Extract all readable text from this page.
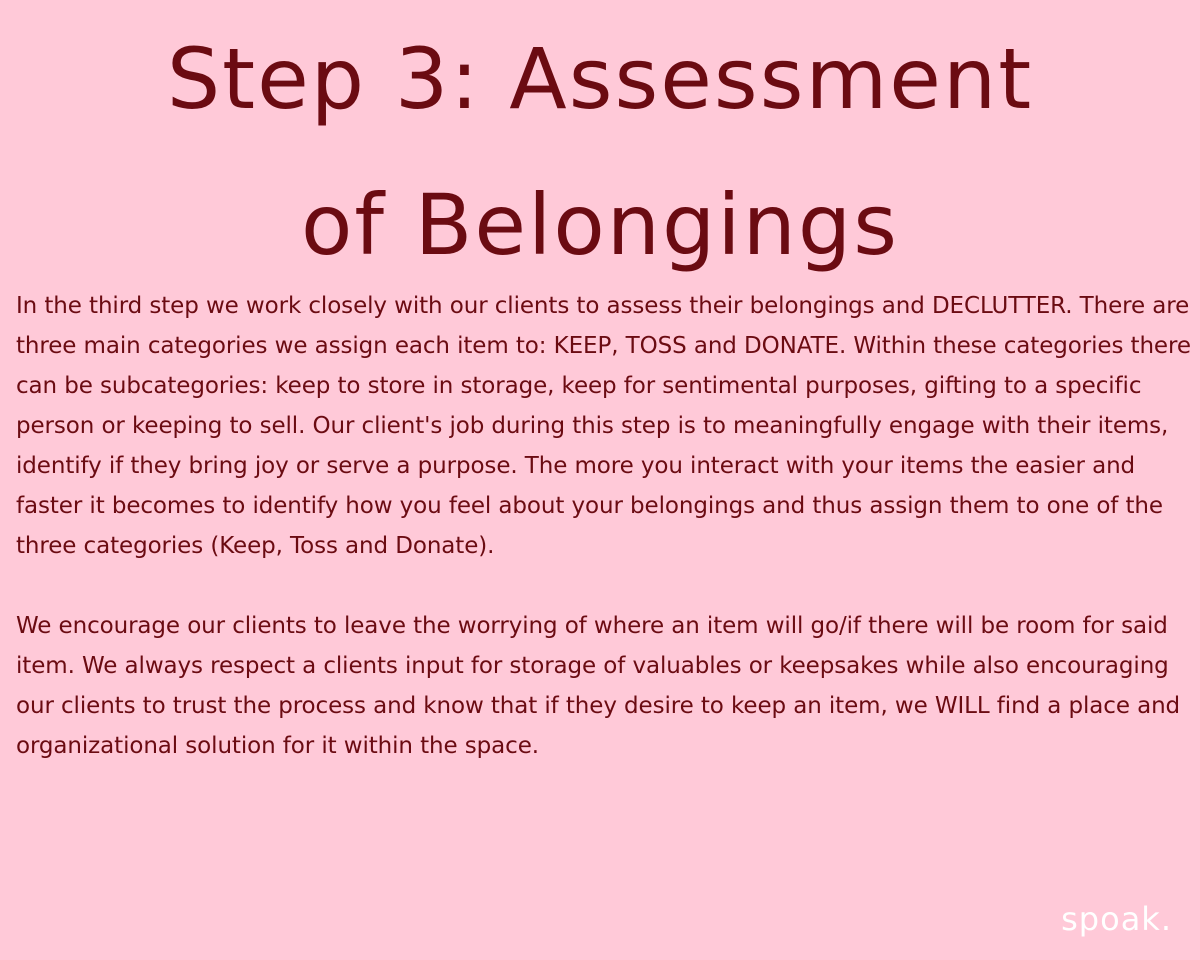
Step 3: Assessment
of Belongings

In the third step we work closely with our clients to assess their belongings and DECLUTTER. There are three main categories we assign each item to: KEEP, TOSS and DONATE. Within these categories there can be subcategories: keep to store in storage, keep for sentimental purposes, gifting to a specific person or keeping to sell. Our client's job during this step is to meaningfully engage with their items, identify if they bring joy or serve a purpose. The more you interact with your items the easier and faster it becomes to identify how you feel about your belongings and thus assign them to one of the three categories (Keep, Toss and Donate).

We encourage our clients to leave the worrying of where an item will go/if there will be room for said item. We always respect a clients input for storage of valuables or keepsakes while also encouraging our clients to trust the process and know that if they desire to keep an item, we WILL find a place and organizational solution for it within the space.

spoak.
